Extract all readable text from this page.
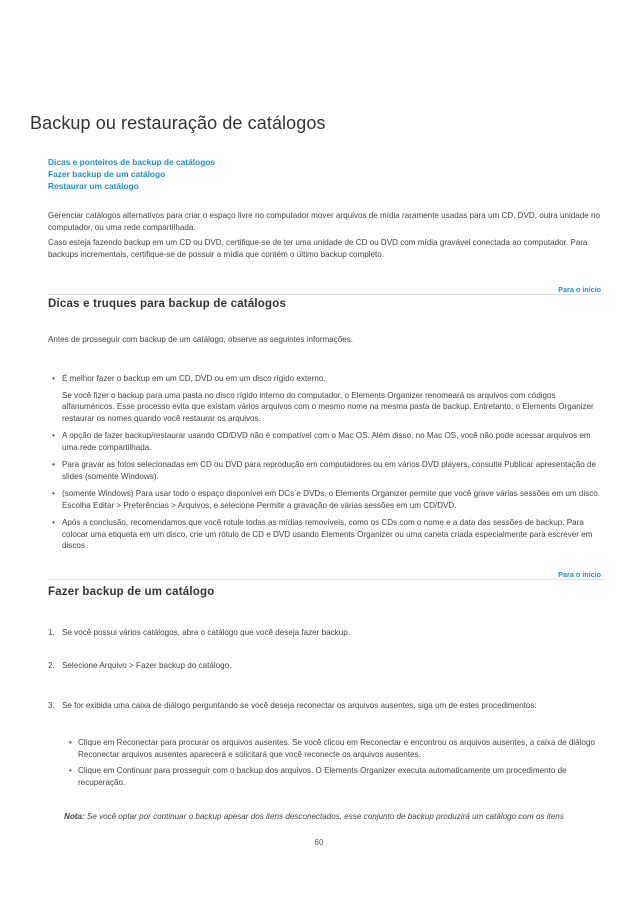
Backup ou restauração de catálogos
Dicas e ponteiros de backup de catálogos
Fazer backup de um catálogo
Restaurar um catálogo

Gerenciar catálogos alternativos para criar o espaço livre no computador mover arquivos de mídia raramente usadas para um CD, DVD, outra unidade no computador, ou uma rede compartilhada.

Caso esteja fazendo backup em um CD ou DVD, certifique-se de ter uma unidade de CD ou DVD com mídia gravável conectada ao computador. Para backups incrementais, certifique-se de possuir a mídia que contém o último backup completo.

Para o início
Dicas e truques para backup de catálogos

Antes de prosseguir com backup de um catálogo, observe as seguintes informações.

• É melhor fazer o backup em um CD, DVD ou em um disco rígido externo.
Se você fizer o backup para uma pasta no disco rígido interno do computador, o Elements Organizer renomeará os arquivos com códigos alfanuméricos. Esse processo evita que existam vários arquivos com o mesmo nome na mesma pasta de backup. Entretanto, o Elements Organizer restaurar os nomes quando você restaurar os arquivos.
• A opção de fazer backup/restaurar usando CD/DVD não é compatível com o Mac OS. Além disso, no Mac OS, você não pode acessar arquivos em uma rede compartilhada.
• Para gravar as fotos selecionadas em CD ou DVD para reprodução em computadores ou em vários DVD players, consulte Publicar apresentação de slides (somente Windows).
• (somente Windows) Para usar todo o espaço disponível em DCs e DVDs, o Elements Organizer permite que você grave várias sessões em um disco. Escolha Editar > Preferências > Arquivos, e selecione Permitir a gravação de várias sessões em um CD/DVD.
• Após a conclusão, recomendamos que você rotule todas as mídias removíveis, como os CDs com o nome e a data das sessões de backup. Para colocar uma etiqueta em um disco, crie um rótulo de CD e DVD usando Elements Organizer ou uma caneta criada especialmente para escrever em discos
Para o início
Fazer backup de um catálogo
1. Se você possui vários catálogos, abra o catálogo que você deseja fazer backup.
2. Selecione Arquivo > Fazer backup do catálogo.
3. Se for exibida uma caixa de diálogo perguntando se você deseja reconectar os arquivos ausentes, siga um de estes procedimentos:
• Clique em Reconectar para procurar os arquivos ausentes. Se você clicou em Reconectar e encontrou os arquivos ausentes, a caixa de diálogo Reconectar arquivos ausentes aparecerá e solicitará que você reconecte os arquivos ausentes.
• Clique em Continuar para prosseguir com o backup dos arquivos. O Elements Organizer executa automaticamente um procedimento de recuperação.

Nota: Se você optar por continuar o backup apesar dos itens desconectados, esse conjunto de backup produzirá um catálogo com os itens

60
